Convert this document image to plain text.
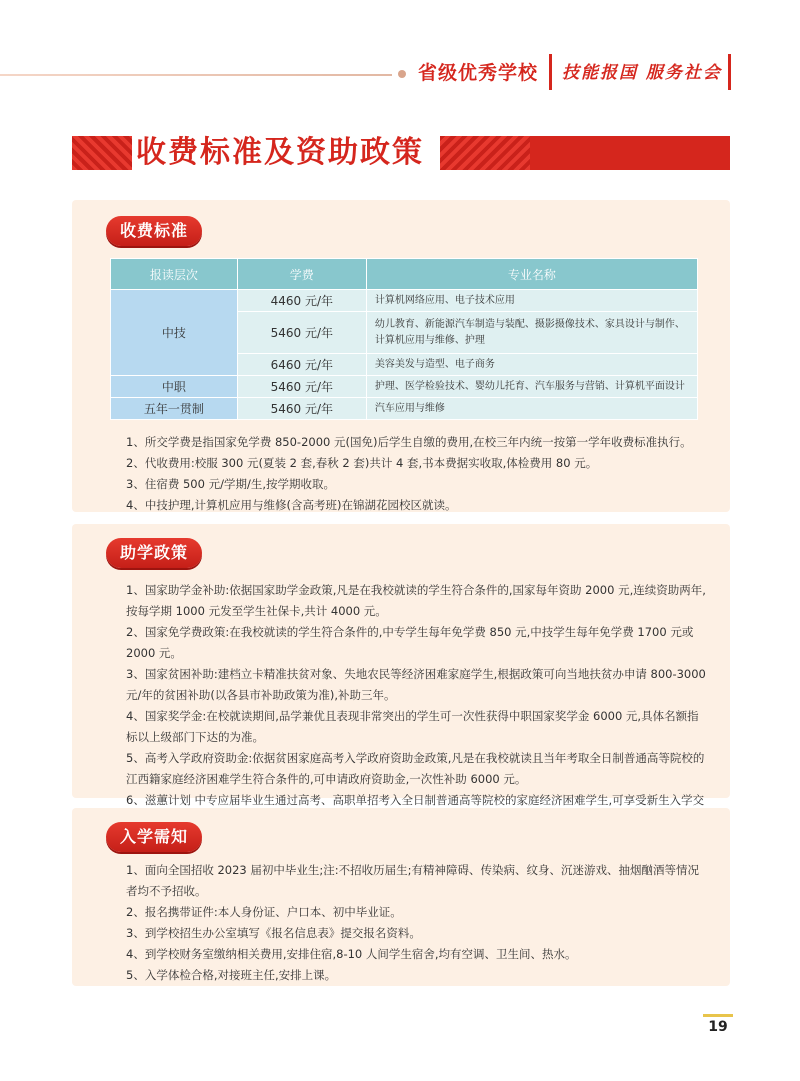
省级优秀学校 技能报国 服务社会
收费标准及资助政策
收费标准
报读层次	学费	专业名称
中技	4460 元/年	计算机网络应用、电子技术应用
	5460 元/年	幼儿教育、新能源汽车制造与装配、摄影摄像技术、家具设计与制作、计算机应用与维修、护理
	6460 元/年	美容美发与造型、电子商务
中职	5460 元/年	护理、医学检验技术、婴幼儿托育、汽车服务与营销、计算机平面设计
五年一贯制	5460 元/年	汽车应用与维修

1、所交学费是指国家免学费 850-2000 元(国免)后学生自缴的费用,在校三年内统一按第一学年收费标准执行。

2、代收费用:校服 300 元(夏装 2 套,春秋 2 套)共计 4 套,书本费据实收取,体检费用 80 元。

3、住宿费 500 元/学期/生,按学期收取。

4、中技护理,计算机应用与维修(含高考班)在锦湖花园校区就读。

助学政策

1、国家助学金补助:依据国家助学金政策,凡是在我校就读的学生符合条件的,国家每年资助 2000 元,连续资助两年,按每学期 1000 元发至学生社保卡,共计 4000 元。

2、国家免学费政策:在我校就读的学生符合条件的,中专学生每年免学费 850 元,中技学生每年免学费 1700 元或 2000 元。

3、国家贫困补助:建档立卡精准扶贫对象、失地农民等经济困难家庭学生,根据政策可向当地扶贫办申请 800-3000 元/年的贫困补助(以各县市补助政策为准),补助三年。

4、国家奖学金:在校就读期间,品学兼优且表现非常突出的学生可一次性获得中职国家奖学金 6000 元,具体名额指标以上级部门下达的为准。

5、高考入学政府资助金:依据贫困家庭高考入学政府资助金政策,凡是在我校就读且当年考取全日制普通高等院校的江西籍家庭经济困难学生符合条件的,可申请政府资助金,一次性补助 6000 元。

6、滋蕙计划 中专应届毕业生通过高考、高职单招考入全日制普通高等院校的家庭经济困难学生,可享受新生入学交

入学需知

1、面向全国招收 2023 届初中毕业生;注:不招收历届生;有精神障碍、传染病、纹身、沉迷游戏、抽烟酗酒等情况者均不予招收。

2、报名携带证件:本人身份证、户口本、初中毕业证。

3、到学校招生办公室填写《报名信息表》提交报名资料。

4、到学校财务室缴纳相关费用,安排住宿,8-10 人间学生宿舍,均有空调、卫生间、热水。

5、入学体检合格,对接班主任,安排上课。

19
